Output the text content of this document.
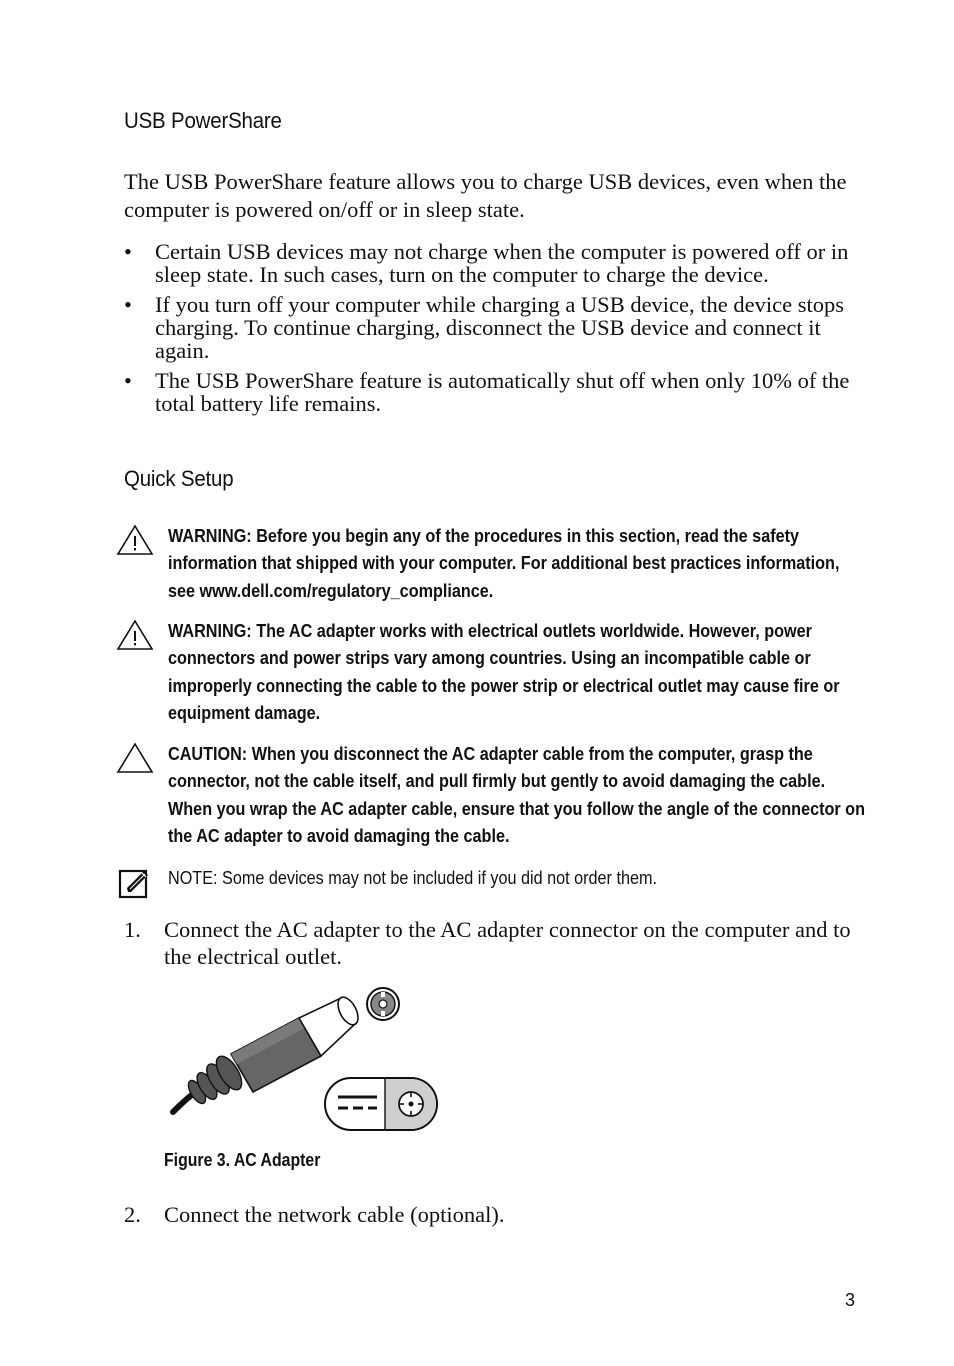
USB PowerShare

The USB PowerShare feature allows you to charge USB devices, even when the computer is powered on/off or in sleep state.

• Certain USB devices may not charge when the computer is powered off or in sleep state. In such cases, turn on the computer to charge the device.
• If you turn off your computer while charging a USB device, the device stops charging. To continue charging, disconnect the USB device and connect it again.
• The USB PowerShare feature is automatically shut off when only 10% of the total battery life remains.
Quick Setup
WARNING: Before you begin any of the procedures in this section, read the safety information that shipped with your computer. For additional best practices information, see www.dell.com/regulatory_compliance.
WARNING: The AC adapter works with electrical outlets worldwide. However, power connectors and power strips vary among countries. Using an incompatible cable or improperly connecting the cable to the power strip or electrical outlet may cause fire or equipment damage.
CAUTION: When you disconnect the AC adapter cable from the computer, grasp the connector, not the cable itself, and pull firmly but gently to avoid damaging the cable. When you wrap the AC adapter cable, ensure that you follow the angle of the connector on the AC adapter to avoid damaging the cable.
NOTE: Some devices may not be included if you did not order them.
1. Connect the AC adapter to the AC adapter connector on the computer and to the electrical outlet.

Figure 3. AC Adapter

2. Connect the network cable (optional).
3
